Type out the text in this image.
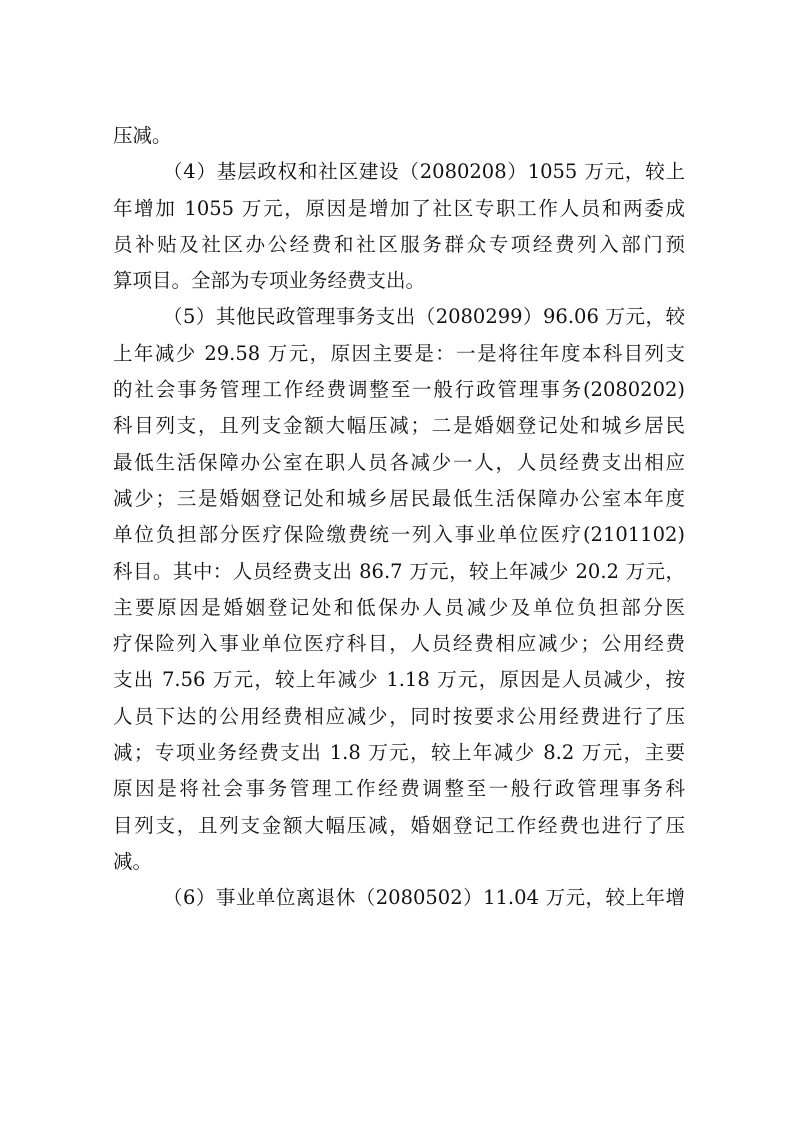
压减。
（4）基层政权和社区建设（2080208）1055 万元，较上
年增加 1055 万元，原因是增加了社区专职工作人员和两委成
员补贴及社区办公经费和社区服务群众专项经费列入部门预
算项目。全部为专项业务经费支出。
（5）其他民政管理事务支出（2080299）96.06 万元，较
上年减少 29.58 万元，原因主要是：一是将往年度本科目列支
的社会事务管理工作经费调整至一般行政管理事务(2080202)
科目列支，且列支金额大幅压减；二是婚姻登记处和城乡居民
最低生活保障办公室在职人员各减少一人，人员经费支出相应
减少；三是婚姻登记处和城乡居民最低生活保障办公室本年度
单位负担部分医疗保险缴费统一列入事业单位医疗(2101102)
科目。其中：人员经费支出 86.7 万元，较上年减少 20.2 万元，
主要原因是婚姻登记处和低保办人员减少及单位负担部分医
疗保险列入事业单位医疗科目，人员经费相应减少；公用经费
支出 7.56 万元，较上年减少 1.18 万元，原因是人员减少，按
人员下达的公用经费相应减少，同时按要求公用经费进行了压
减；专项业务经费支出 1.8 万元，较上年减少 8.2 万元，主要
原因是将社会事务管理工作经费调整至一般行政管理事务科
目列支，且列支金额大幅压减，婚姻登记工作经费也进行了压
减。
（6）事业单位离退休（2080502）11.04 万元，较上年增
